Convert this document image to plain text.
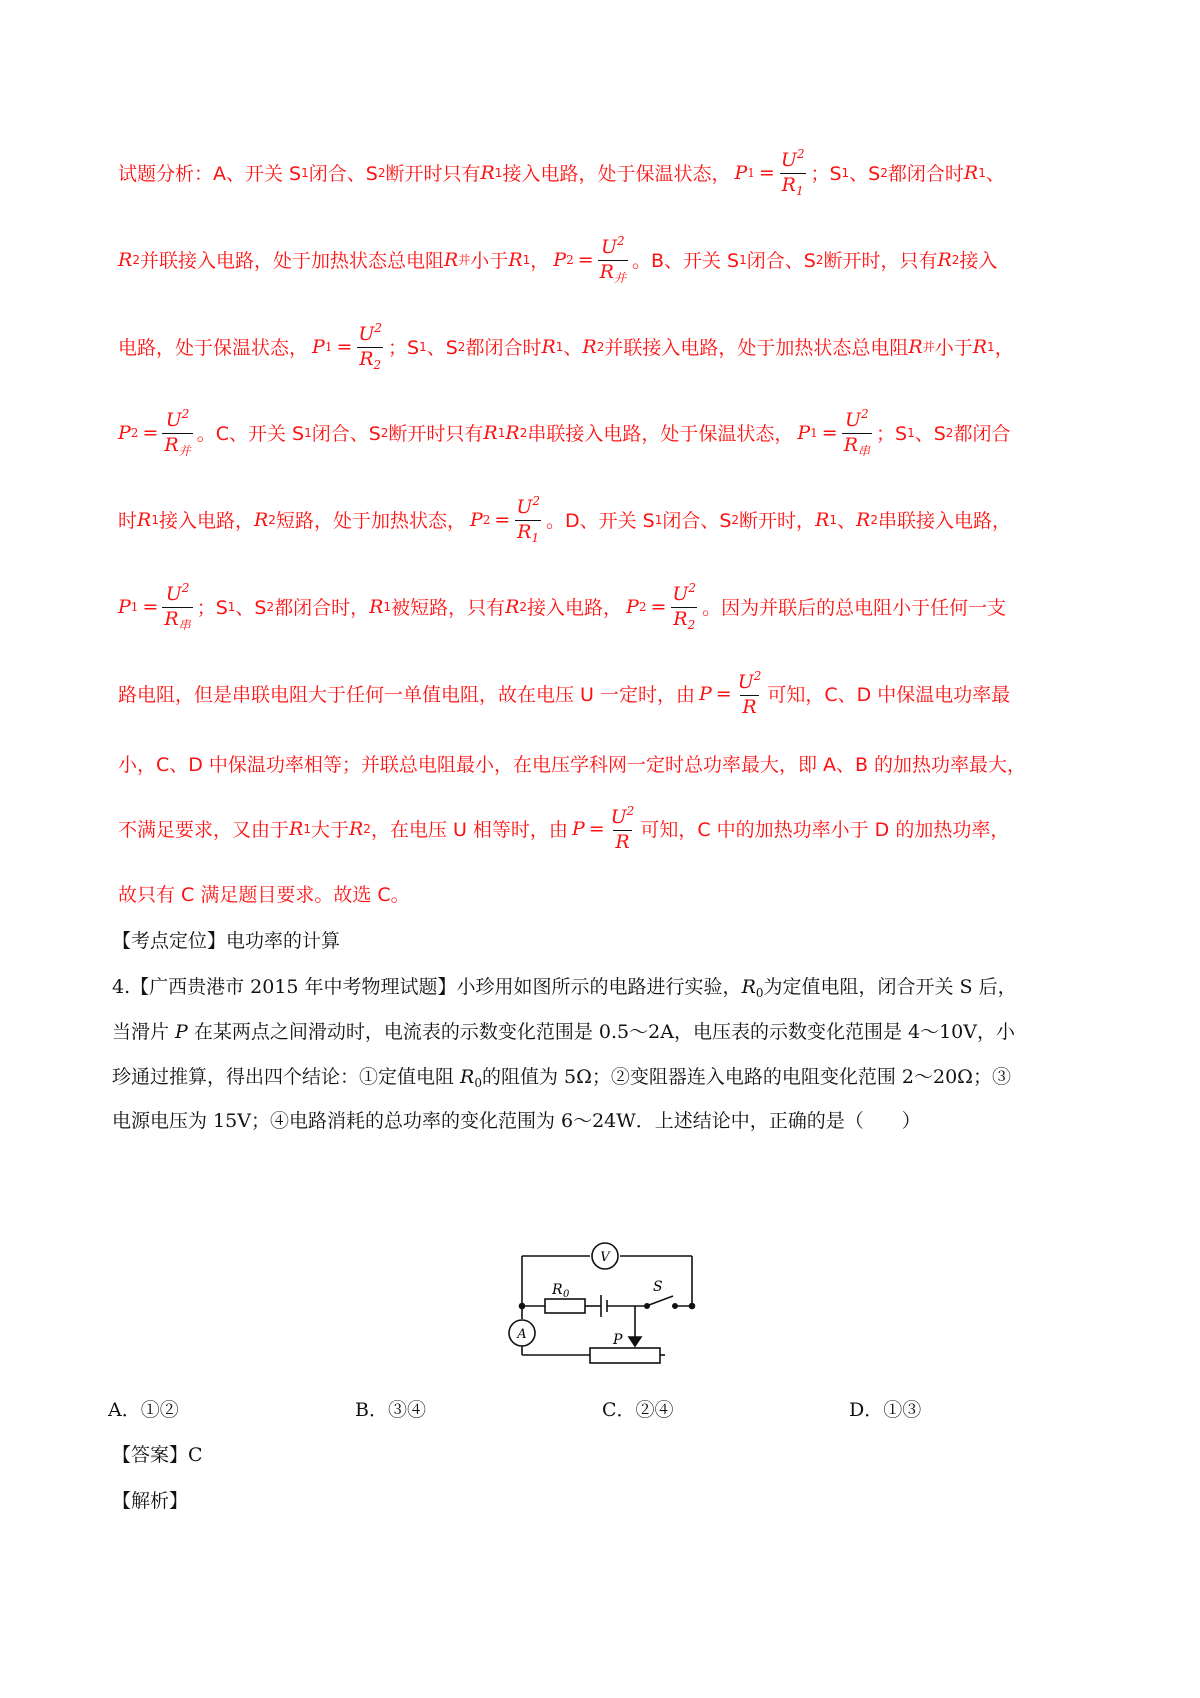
试题分析： A、开关 S 1 闭合、S 2 断开时只有 R 1 接入电路，处于保温状态， P $1 = \frac{U^2}{R_1}$ ；S 1 、S 2 都闭合时 R 1 、
R 2 并联接入电路，处于加热状态总电阻 R 并 小于 R 1 ， P $2 = \frac{U^2}{R_并}$ 。B、开关 S 1 闭合、S 2 断开时，只有 R 2 接入
电路，处于保温状态， P $1 = \frac{U^2}{R_2}$ ；S 1 、S 2 都闭合时 R 1 、 R 2 并联接入电路，处于加热状态总电阻 R 并 小于 R 1 ，
P $2 = \frac{U^2}{R_并}$ 。C、开关 S 1 闭合、S 2 断开时只有 R 1 R 2 串联接入电路，处于保温状态， P $1 = \frac{U^2}{R_串}$ ；S 1 、S 2 都闭合
时 R 1 接入电路， R 2 短路，处于加热状态， P $2 = \frac{U^2}{R_1}$ 。D、开关 S 1 闭合、S 2 断开时， R 1 、 R 2 串联接入电路，
P $1 = \frac{U^2}{R_串}$ ；S 1 、S 2 都闭合时， R 1 被短路，只有 R 2 接入电路， P $2 = \frac{U^2}{R_2}$ 。因为并联后的总电阻小于任何一支
路电阻，但是串联电阻大于任何一单值电阻，故在电压 U 一定时，由 $P = \frac{U^2}{R}$ 可知，C、D 中保温电功率最
小，C、D 中保温功率相等；并联总电阻最小，在电压学科网一定时总功率最大，即 A、B 的加热功率最大，
不满足要求，又由于 R 1 大于 R 2 ，在电压 U 相等时，由 $P = \frac{U^2}{R}$ 可知，C 中的加热功率小于 D 的加热功率，
故只有 C 满足题目要求。故选 C。
【考点定位】电功率的计算
4.【广西贵港市 2015 年中考物理试题】小珍用如图所示的电路进行实验，$R_0$为定值电阻，闭合开关 S 后，
当滑片 P 在某两点之间滑动时，电流表的示数变化范围是 0.5～2A，电压表的示数变化范围是 4～10V，小
珍通过推算，得出四个结论：①定值电阻 $R_0$的阻值为 5Ω；②变阻器连入电路的电阻变化范围 2～20Ω；③
电源电压为 15V；④电路消耗的总功率的变化范围为 6～24W．上述结论中，正确的是（　　）
V
A
R 0	S
P
A．①②	B．③④	C．②④	D．①③
【答案】C
【解析】
